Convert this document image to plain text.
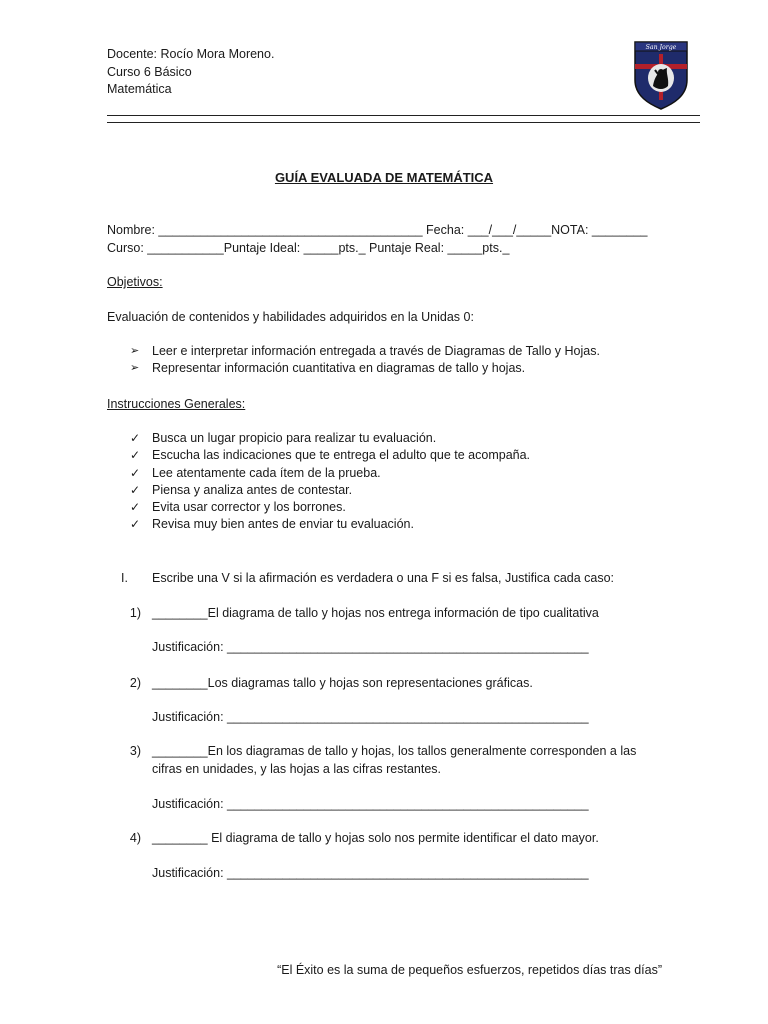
Docente: Rocío Mora Moreno.
Curso 6 Básico
Matemática
San Jorge
GUÍA EVALUADA DE MATEMÁTICA
Nombre: ______________________________________ Fecha: ___/___/_____NOTA: ________
Curso: ___________Puntaje Ideal: _____pts._ Puntaje Real: _____pts._
Objetivos:
Evaluación de contenidos y habilidades adquiridos en la Unidas 0:

➢

	Leer e interpretar información entregada a través de Diagramas de Tallo y Hojas.

➢

	Representar información cuantitativa en diagramas de tallo y hojas.

Instrucciones Generales:

✓

Busca un lugar propicio para realizar tu evaluación.

✓

Escucha las indicaciones que te entrega el adulto que te acompaña.

✓

Lee atentamente cada ítem de la prueba.

✓

Piensa y analiza antes de contestar.

✓

Evita usar corrector y los borrones.

✓

Revisa muy bien antes de enviar tu evaluación.

I. Escribe una V si la afirmación es verdadera o una F si es falsa, Justifica cada caso:
1) ________El diagrama de tallo y hojas nos entrega información de tipo cualitativa
Justificación: ____________________________________________________
2) ________Los diagramas tallo y hojas son representaciones gráficas.
Justificación: ____________________________________________________
3) ________En los diagramas de tallo y hojas, los tallos generalmente corresponden a las
cifras en unidades, y las hojas a las cifras restantes.
Justificación: ____________________________________________________
4) ________ El diagrama de tallo y hojas solo nos permite identificar el dato mayor.
Justificación: ____________________________________________________
“El Éxito es la suma de pequeños esfuerzos, repetidos días tras días”
